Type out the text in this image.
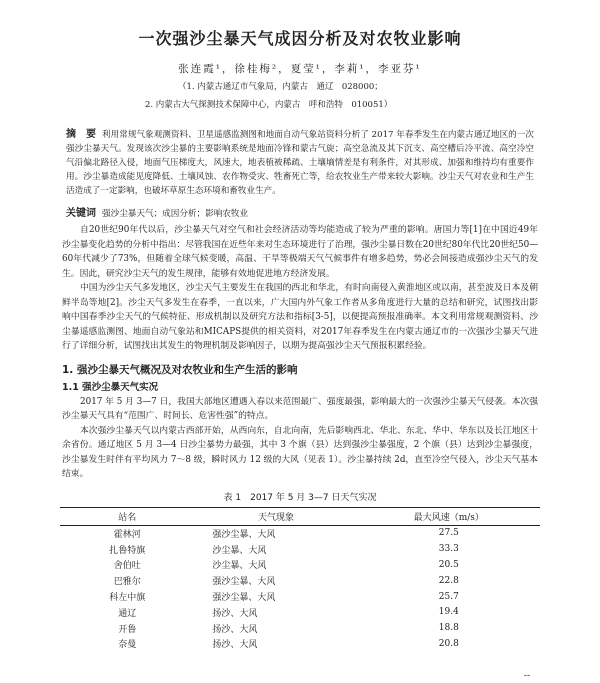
一次强沙尘暴天气成因分析及对农牧业影响
张连霞¹，徐桂梅²，夏莹¹，李莉¹，李亚芬¹
（1. 内蒙古通辽市气象局，内蒙古　通辽　028000；
2. 内蒙古大气探测技术保障中心，内蒙古　呼和浩特　010051）
摘　要 利用常规气象观测资料、卫星遥感监测图和地面自动气象站资料分析了 2017 年春季发生在内蒙古通辽地区的一次强沙尘暴天气。发现该次沙尘暴的主要影响系统是地面冷锋和蒙古气旋；高空急流及其下沉支、高空槽后冷平流、高空冷空气沿偏北路径入侵，地面气压梯度大，风速大，地表植被稀疏、土壤墒情差是有利条件，对其形成、加强和维持均有重要作用。沙尘暴造成能见度降低、土壤风蚀、农作物受灾、牲畜死亡等，给农牧业生产带来较大影响。沙尘天气对农业和生产生活造成了一定影响，也破坏草原生态环境和畜牧业生产。
关键词 强沙尘暴天气；成因分析；影响农牧业

自20世纪90年代以后，沙尘暴天气对空气和社会经济活动等均能造成了较为严重的影响。唐国力等[1]在中国近49年沙尘暴变化趋势的分析中指出：尽管我国在近些年来对生态环境进行了治理，强沙尘暴日数在20世纪80年代比20世纪50—60年代减少了73%，但随着全球气候变暖，高温、干旱等极端天气气候事件有增多趋势，势必会间接造成强沙尘天气的发生。因此，研究沙尘天气的发生规律，能够有效地促进地方经济发展。

中国为沙尘天气多发地区，沙尘天气主要发生在我国的西北和华北，有时向南侵入黄淮地区或以南，甚至波及日本及朝鲜半岛等地[2]。沙尘天气多发生在春季，一直以来，广大国内外气象工作者从多角度进行大量的总结和研究，试图找出影响中国春季沙尘天气的气候特征、形成机制以及研究方法和指标[3-5]，以便提高预报准确率。本文利用常规观测资料、沙尘暴遥感监测图、地面自动气象站和MICAPS提供的相关资料，对2017年春季发生在内蒙古通辽市的一次强沙尘暴天气进行了详细分析，试图找出其发生的物理机制及影响因子，以期为提高强沙尘天气预报积累经验。

1. 强沙尘暴天气概况及对农牧业和生产生活的影响
1.1 强沙尘暴天气实况

2017 年 5 月 3—7 日，我国大部地区遭遇入春以来范围最广、强度最强，影响最大的一次强沙尘暴天气侵袭。本次强沙尘暴天气具有“范围广、时间长、危害性强”的特点。

本次强沙尘暴天气以内蒙古西部开始，从西向东，自北向南，先后影响西北、华北、东北、华中、华东以及长江地区十余省份。通辽地区 5 月 3—4 日沙尘暴势力最强，其中 3 个旗（县）达到强沙尘暴强度，2 个旗（县）达到沙尘暴强度，沙尘暴发生时伴有平均风力 7～8 级，瞬时风力 12 级的大风（见表 1）。沙尘暴持续 2d，直至冷空气侵入，沙尘天气基本结束。

表 1　2017 年 5 月 3—7 日天气实况
站名	天气现象	最大风速（m/s）
霍林河	强沙尘暴、大风	27.5
扎鲁特旗	沙尘暴、大风	33.3
舍伯吐	沙尘暴、大风	20.5
巴雅尔	强沙尘暴、大风	22.8
科左中旗	强沙尘暴、大风	25.7
通辽	扬沙、大风	19.4
开鲁	扬沙、大风	18.8
奈曼	扬沙、大风	20.8
--
